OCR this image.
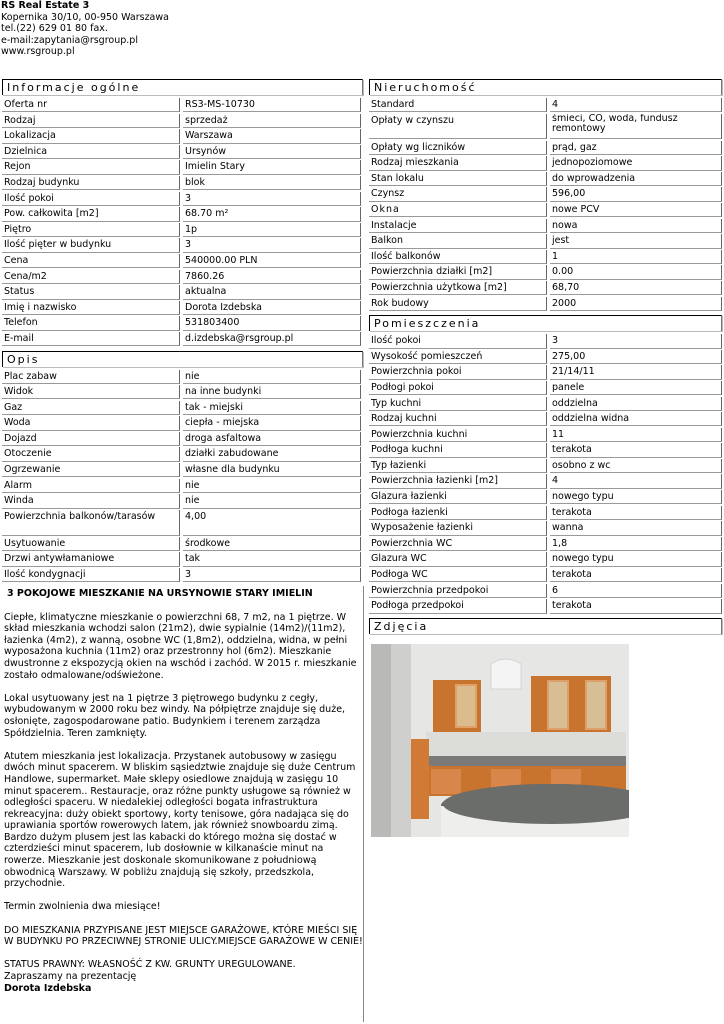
RS Real Estate 3
Kopernika 30/10, 00-950 Warszawa
tel.(22) 629 01 80 fax.
e-mail:zapytania@rsgroup.pl
www.rsgroup.pl
Informacje ogólne
Oferta nr	RS3-MS-10730
Rodzaj	sprzedaż
Lokalizacja	Warszawa
Dzielnica	Ursynów
Rejon	Imielin Stary
Rodzaj budynku	blok
Ilość pokoi	3
Pow. całkowita [m2]	68.70 m²
Piętro	1p
Ilość pięter w budynku	3
Cena	540000.00 PLN
Cena/m2	7860.26
Status	aktualna
Imię i nazwisko	Dorota Izdebska
Telefon	531803400
E-mail	d.izdebska@rsgroup.pl
Opis
Plac zabaw	nie
Widok	na inne budynki
Gaz	tak - miejski
Woda	ciepła - miejska
Dojazd	droga asfaltowa
Otoczenie	działki zabudowane
Ogrzewanie	własne dla budynku
Alarm	nie
Winda	nie
Powierzchnia balkonów/tarasów	4,00
Usytuowanie	środkowe
Drzwi antywłamaniowe	tak
Ilość kondygnacji	3
Nieruchomość
Standard	4
Opłaty w czynszu	śmieci, CO, woda, fundusz remontowy
Opłaty wg liczników	prąd, gaz
Rodzaj mieszkania	jednopoziomowe
Stan lokalu	do wprowadzenia
Czynsz	596,00
Okna	nowe PCV
Instalacje	nowa
Balkon	jest
Ilość balkonów	1
Powierzchnia działki [m2]	0.00
Powierzchnia użytkowa [m2]	68,70
Rok budowy	2000
Pomieszczenia
Ilość pokoi	3
Wysokość pomieszczeń	275,00
Powierzchnia pokoi	21/14/11
Podłogi pokoi	panele
Typ kuchni	oddzielna
Rodzaj kuchni	oddzielna widna
Powierzchnia kuchni	11
Podłoga kuchni	terakota
Typ łazienki	osobno z wc
Powierzchnia łazienki [m2]	4
Glazura łazienki	nowego typu
Podłoga łazienki	terakota
Wyposażenie łazienki	wanna
Powierzchnia WC	1,8
Glazura WC	nowego typu
Podłoga WC	terakota
Powierzchnia przedpokoi	6
Podłoga przedpokoi	terakota
Zdjęcia
3 POKOJOWE MIESZKANIE NA URSYNOWIE STARY IMIELIN

Ciepłe, klimatyczne mieszkanie o powierzchni 68, 7 m2, na 1 piętrze. W skład mieszkania wchodzi salon (21m2), dwie sypialnie (14m2)/(11m2), łazienka (4m2), z wanną, osobne WC (1,8m2), oddzielna, widna, w pełni wyposażona kuchnia (11m2) oraz przestronny hol (6m2). Mieszkanie dwustronne z ekspozycją okien na wschód i zachód. W 2015 r. mieszkanie zostało odmalowane/odświeżone.

Lokal usytuowany jest na 1 piętrze 3 piętrowego budynku z cegły, wybudowanym w 2000 roku bez windy. Na półpiętrze znajduje się duże, osłonięte, zagospodarowane patio. Budynkiem i terenem zarządza Spółdzielnia. Teren zamknięty.

Atutem mieszkania jest lokalizacja. Przystanek autobusowy w zasięgu dwóch minut spacerem. W bliskim sąsiedztwie znajduje się duże Centrum Handlowe, supermarket. Małe sklepy osiedlowe znajdują w zasięgu 10 minut spacerem.. Restauracje, oraz różne punkty usługowe są również w odległości spaceru. W niedalekiej odległości bogata infrastruktura rekreacyjna: duży obiekt sportowy, korty tenisowe, góra nadająca się do uprawiania sportów rowerowych latem, jak również snowboardu zimą. Bardzo dużym plusem jest las kabacki do którego można się dostać w czterdzieści minut spacerem, lub dosłownie w kilkanaście minut na rowerze. Mieszkanie jest doskonale skomunikowane z południową obwodnicą Warszawy. W pobliżu znajdują się szkoły, przedszkola, przychodnie.

Termin zwolnienia dwa miesiące!

DO MIESZKANIA PRZYPISANE JEST MIEJSCE GARAŻOWE, KTÓRE MIEŚCI SIĘ W BUDYNKU PO PRZECIWNEJ STRONIE ULICY.MIEJSCE GARAŻOWE W CENIE!

STATUS PRAWNY: WŁASNOŚĆ Z KW. GRUNTY UREGULOWANE.
Zapraszamy na prezentację
Dorota Izdebska
